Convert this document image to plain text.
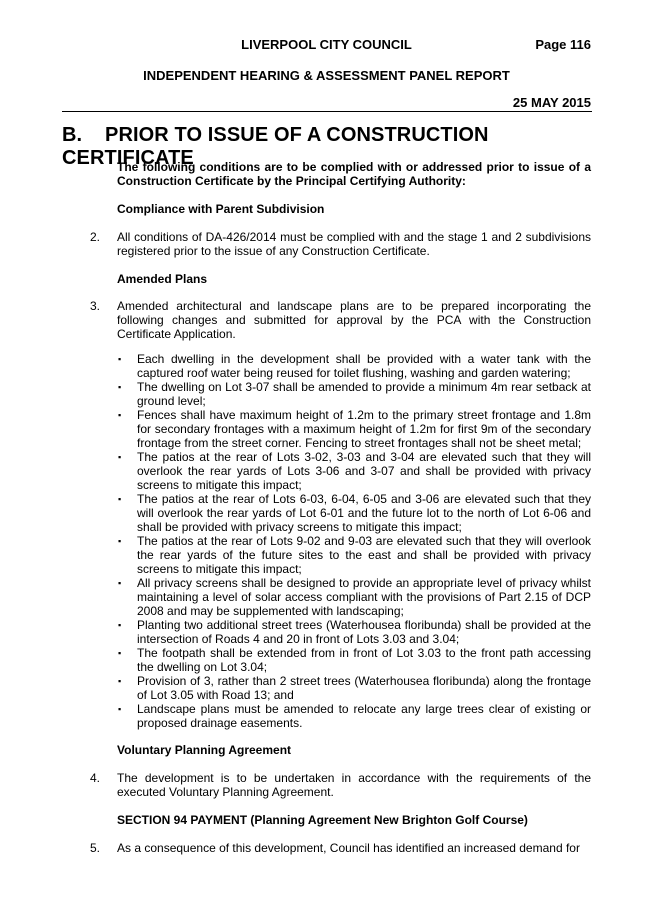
LIVERPOOL CITY COUNCIL	Page 116
INDEPENDENT HEARING & ASSESSMENT PANEL REPORT
25 MAY 2015
B. PRIOR TO ISSUE OF A CONSTRUCTION CERTIFICATE
The following conditions are to be complied with or addressed prior to issue of a Construction Certificate by the Principal Certifying Authority:
Compliance with Parent Subdivision
2. All conditions of DA-426/2014 must be complied with and the stage 1 and 2 subdivisions registered prior to the issue of any Construction Certificate.
Amended Plans
3. Amended architectural and landscape plans are to be prepared incorporating the following changes and submitted for approval by the PCA with the Construction Certificate Application.
▪ Each dwelling in the development shall be provided with a water tank with the captured roof water being reused for toilet flushing, washing and garden watering;
▪ The dwelling on Lot 3-07 shall be amended to provide a minimum 4m rear setback at ground level;
▪ Fences shall have maximum height of 1.2m to the primary street frontage and 1.8m for secondary frontages with a maximum height of 1.2m for first 9m of the secondary frontage from the street corner. Fencing to street frontages shall not be sheet metal;
▪ The patios at the rear of Lots 3-02, 3-03 and 3-04 are elevated such that they will overlook the rear yards of Lots 3-06 and 3-07 and shall be provided with privacy screens to mitigate this impact;
▪ The patios at the rear of Lots 6-03, 6-04, 6-05 and 3-06 are elevated such that they will overlook the rear yards of Lot 6-01 and the future lot to the north of Lot 6-06 and shall be provided with privacy screens to mitigate this impact;
▪ The patios at the rear of Lots 9-02 and 9-03 are elevated such that they will overlook the rear yards of the future sites to the east and shall be provided with privacy screens to mitigate this impact;
▪ All privacy screens shall be designed to provide an appropriate level of privacy whilst maintaining a level of solar access compliant with the provisions of Part 2.15 of DCP 2008 and may be supplemented with landscaping;
▪ Planting two additional street trees (Waterhousea floribunda) shall be provided at the intersection of Roads 4 and 20 in front of Lots 3.03 and 3.04;
▪ The footpath shall be extended from in front of Lot 3.03 to the front path accessing the dwelling on Lot 3.04;
▪ Provision of 3, rather than 2 street trees (Waterhousea floribunda) along the frontage of Lot 3.05 with Road 13; and
▪ Landscape plans must be amended to relocate any large trees clear of existing or proposed drainage easements.
Voluntary Planning Agreement
4. The development is to be undertaken in accordance with the requirements of the executed Voluntary Planning Agreement.
SECTION 94 PAYMENT (Planning Agreement New Brighton Golf Course)
5. As a consequence of this development, Council has identified an increased demand for
